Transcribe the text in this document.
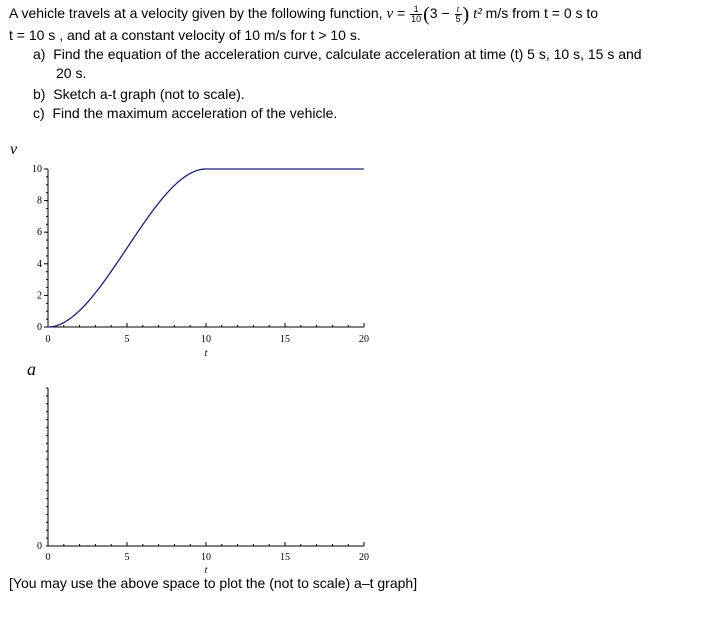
A vehicle travels at a velocity given by the following function, $v = \frac{1}{10} (3 - \frac{t}{5}$ ) t² m/s from t = 0 s to
t = 10 s , and at a constant velocity of 10 m/s for t > 10 s.
a) Find the equation of the acceleration curve, calculate acceleration at time (t) 5 s, 10 s, 15 s and
20 s.
b) Sketch a-t graph (not to scale).
c) Find the maximum acceleration of the vehicle.
v
a
0	5	10	15	20
t
0
2
4
6
8
10
0	5	10	15	20
t
0
[You may use the above space to plot the (not to scale) a–t graph]
